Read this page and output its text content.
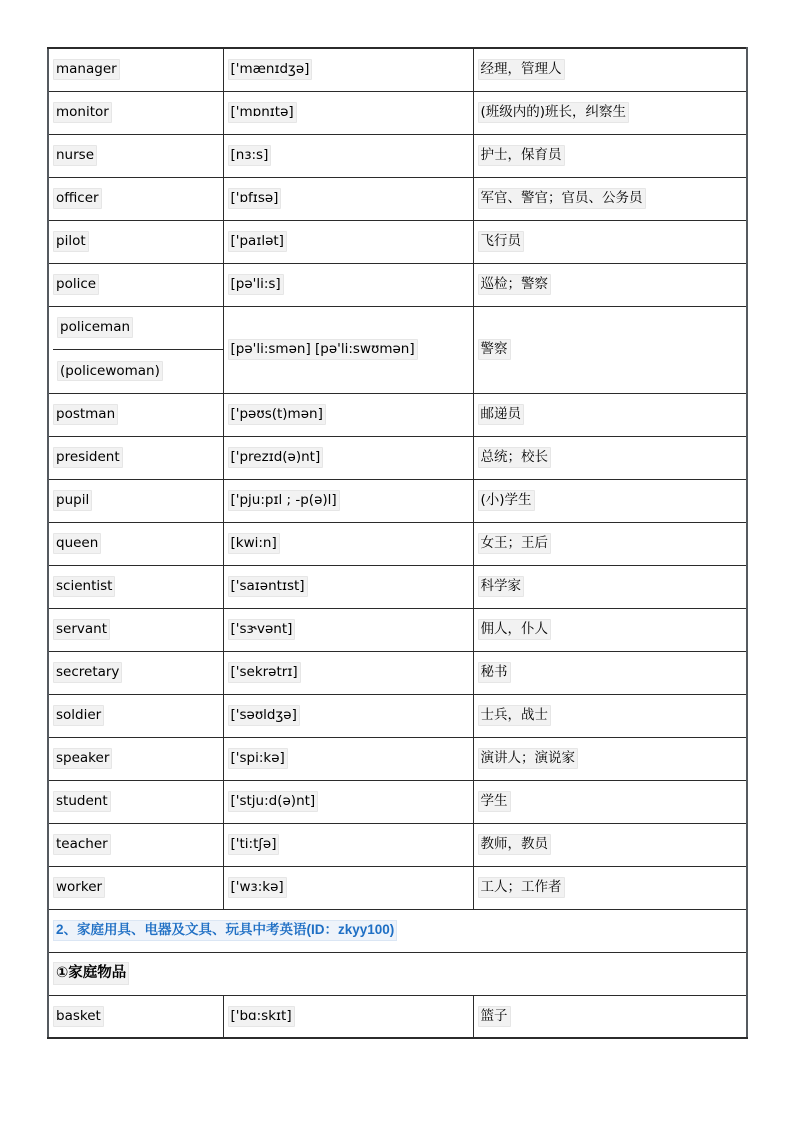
manager	['mænɪdʒə]	经理，管理人
monitor	['mɒnɪtə]	(班级内的)班长，纠察生
nurse	[nɜ:s]	护士，保育员
officer	['ɒfɪsə]	军官、警官；官员、公务员
pilot	['paɪlət]	飞行员
police	[pə'li:s]	巡检；警察

policeman
(policewoman)	[pə'li:smən] [pə'li:swʊmən]	警察
postman	['pəʊs(t)mən]	邮递员
president	['prezɪd(ə)nt]	总统；校长
pupil	['pju:pɪl ; -p(ə)l]	(小)学生
queen	[kwi:n]	女王；王后
scientist	['saɪəntɪst]	科学家
servant	['sɝvənt]	佣人，仆人
secretary	['sekrətrɪ]	秘书
soldier	['səʊldʒə]	士兵，战士
speaker	['spi:kə]	演讲人；演说家
student	['stju:d(ə)nt]	学生
teacher	['ti:tʃə]	教师，教员
worker	['wɜ:kə]	工人；工作者
2、家庭用具、电器及文具、玩具中考英语(ID：zkyy100)		
①家庭物品		
basket	['bɑ:skɪt]	篮子
